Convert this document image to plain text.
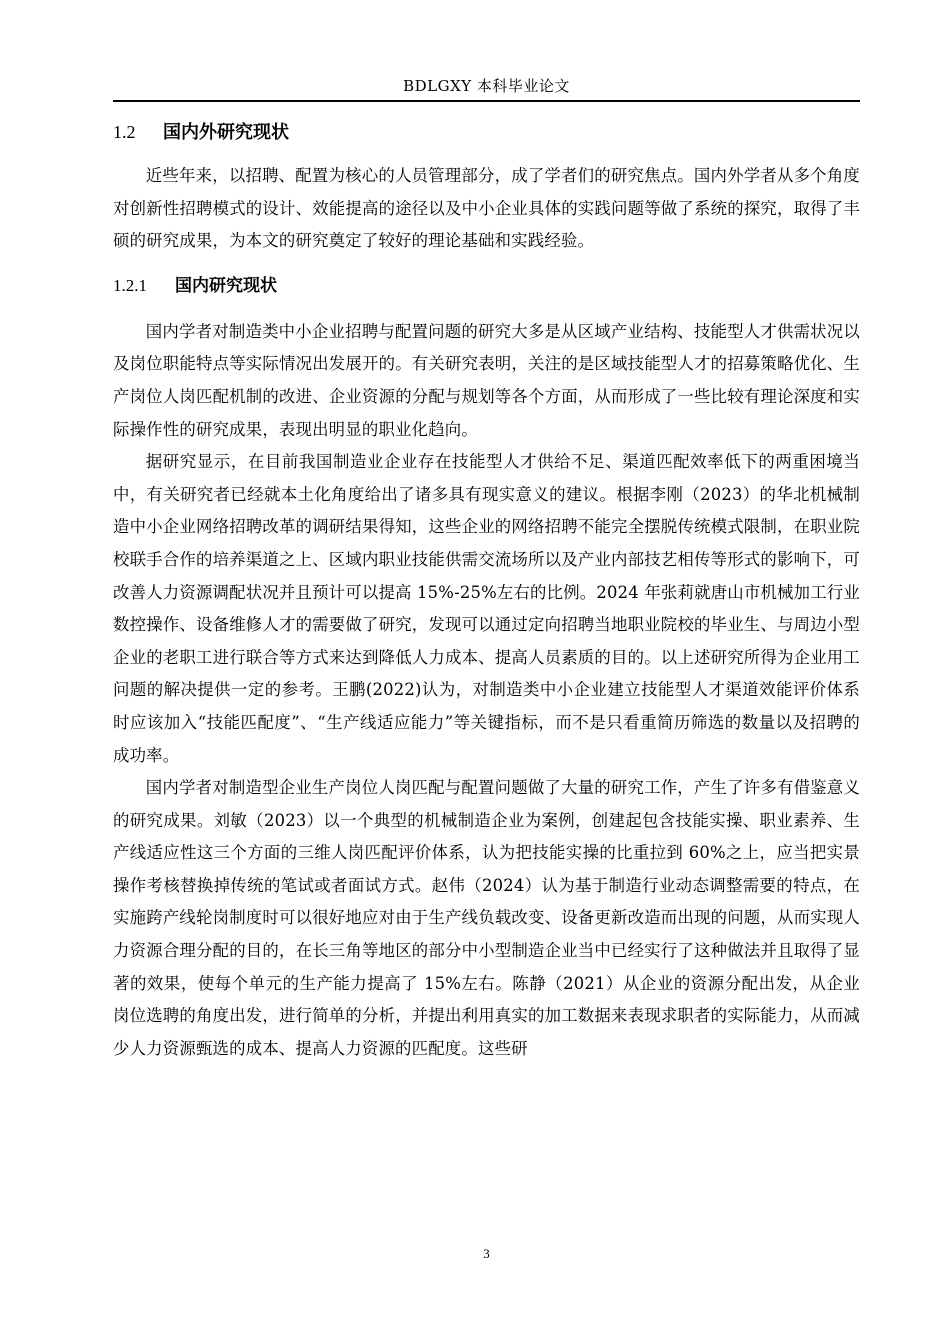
BDLGXY 本科毕业论文
1.2 国内外研究现状

近些年来，以招聘、配置为核心的人员管理部分，成了学者们的研究焦点。国内外学者从多个角度对创新性招聘模式的设计、效能提高的途径以及中小企业具体的实践问题等做了系统的探究，取得了丰硕的研究成果，为本文的研究奠定了较好的理论基础和实践经验。

1.2.1 国内研究现状

国内学者对制造类中小企业招聘与配置问题的研究大多是从区域产业结构、技能型人才供需状况以及岗位职能特点等实际情况出发展开的。有关研究表明，关注的是区域技能型人才的招募策略优化、生产岗位人岗匹配机制的改进、企业资源的分配与规划等各个方面，从而形成了一些比较有理论深度和实际操作性的研究成果，表现出明显的职业化趋向。

据研究显示，在目前我国制造业企业存在技能型人才供给不足、渠道匹配效率低下的两重困境当中，有关研究者已经就本土化角度给出了诸多具有现实意义的建议。根据李刚（2023）的华北机械制造中小企业网络招聘改革的调研结果得知，这些企业的网络招聘不能完全摆脱传统模式限制，在职业院校联手合作的培养渠道之上、区域内职业技能供需交流场所以及产业内部技艺相传等形式的影响下，可改善人力资源调配状况并且预计可以提高 15%-25%左右的比例。2024 年张莉就唐山市机械加工行业数控操作、设备维修人才的需要做了研究，发现可以通过定向招聘当地职业院校的毕业生、与周边小型企业的老职工进行联合等方式来达到降低人力成本、提高人员素质的目的。以上述研究所得为企业用工问题的解决提供一定的参考。王鹏(2022)认为，对制造类中小企业建立技能型人才渠道效能评价体系时应该加入“技能匹配度”、“生产线适应能力”等关键指标，而不是只看重简历筛选的数量以及招聘的成功率。

国内学者对制造型企业生产岗位人岗匹配与配置问题做了大量的研究工作，产生了许多有借鉴意义的研究成果。刘敏（2023）以一个典型的机械制造企业为案例，创建起包含技能实操、职业素养、生产线适应性这三个方面的三维人岗匹配评价体系，认为把技能实操的比重拉到 60%之上，应当把实景操作考核替换掉传统的笔试或者面试方式。赵伟（2024）认为基于制造行业动态调整需要的特点，在实施跨产线轮岗制度时可以很好地应对由于生产线负载改变、设备更新改造而出现的问题，从而实现人力资源合理分配的目的，在长三角等地区的部分中小型制造企业当中已经实行了这种做法并且取得了显著的效果，使每个单元的生产能力提高了 15%左右。陈静（2021）从企业的资源分配出发，从企业岗位选聘的角度出发，进行简单的分析，并提出利用真实的加工数据来表现求职者的实际能力，从而减少人力资源甄选的成本、提高人力资源的匹配度。这些研

3
